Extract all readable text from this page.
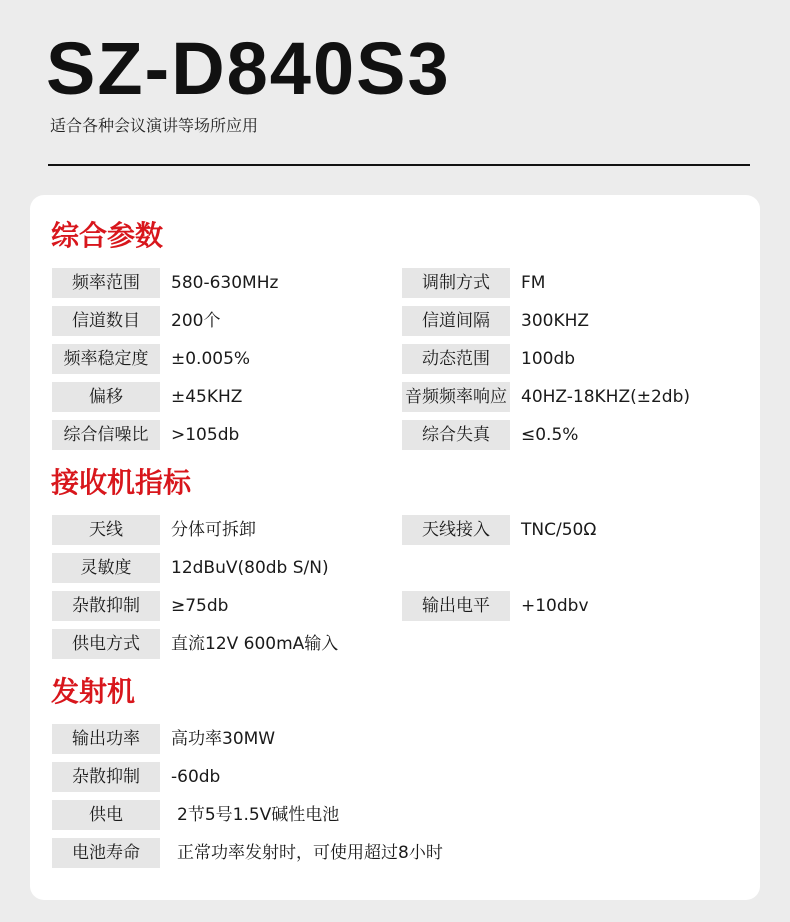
SZ-D840S3
适合各种会议演讲等场所应用
综合参数
频率范围	580-630MHz	调制方式	FM
信道数目	200个	信道间隔	300KHZ
频率稳定度	±0.005%	动态范围	100db
偏移	±45KHZ	音频频率响应 40HZ-18KHZ(±2db)
综合信噪比	>105db	综合失真	≤0.5%
接收机指标
天线	分体可拆卸	天线接入	TNC/50Ω
灵敏度	12dBuV(80db S/N)
杂散抑制	≥75db	输出电平	+10dbv
供电方式	直流12V 600mA输入
发射机
输出功率	高功率30MW
杂散抑制	-60db
供电	2节5号1.5V碱性电池
电池寿命	正常功率发射时，可使用超过8小时
